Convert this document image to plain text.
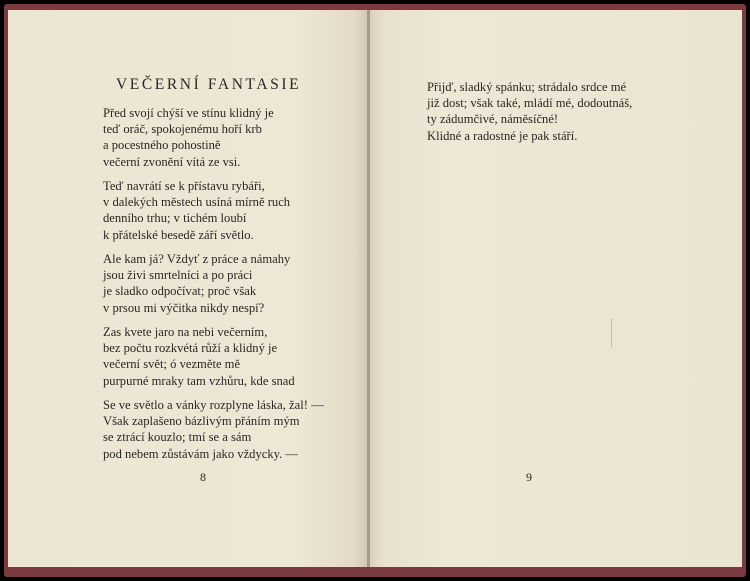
VEČERNÍ FANTASIE
Před svojí chýší ve stínu klidný je
teď oráč, spokojenému hoří krb
a pocestného pohostině
večerní zvonění vítá ze vsi.
Teď navrátí se k přístavu rybáři,
v dalekých městech usíná mírně ruch
denního trhu; v tichém loubí
k přátelské besedě září světlo.
Ale kam já? Vždyť z práce a námahy
jsou živi smrtelníci a po práci
je sladko odpočívat; proč však
v prsou mi výčitka nikdy nespí?
Zas kvete jaro na nebi večerním,
bez počtu rozkvétá růží a klidný je
večerní svět; ó vezměte mě
purpurné mraky tam vzhůru, kde snad
Se ve světlo a vánky rozplyne láska, žal! —
Však zaplašeno bázlivým přáním mým
se ztrácí kouzlo; tmí se a sám
pod nebem zůstávám jako vždycky. —
8
Přijď, sladký spánku; strádalo srdce mé
již dost; však také, mládí mé, dodoutnáš,
ty zádumčivé, náměsíčné!
Klidné a radostné je pak stáří.
9
